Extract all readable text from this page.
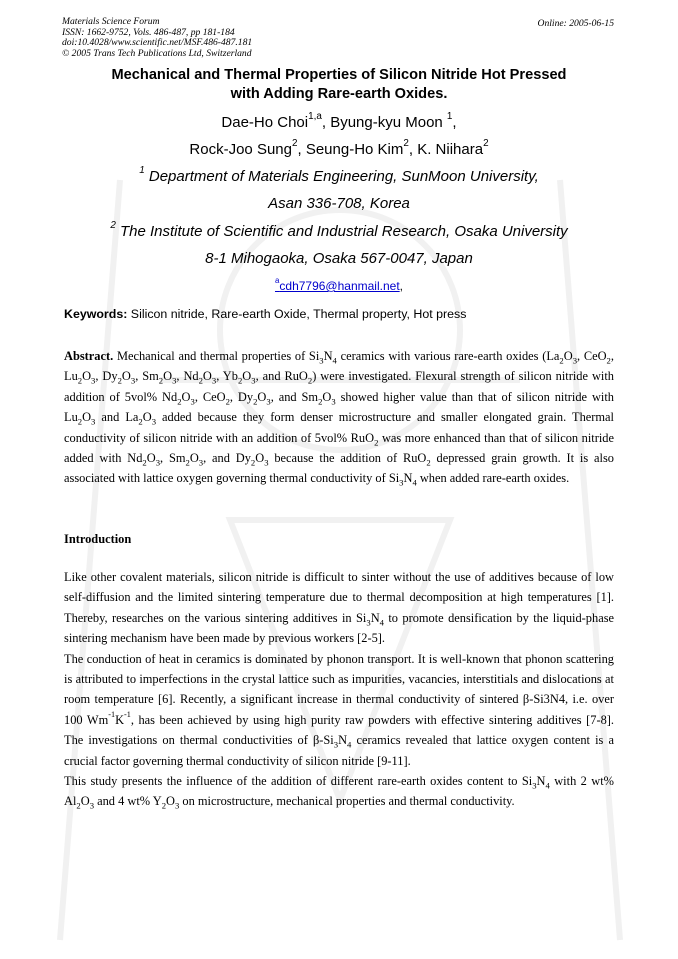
Materials Science Forum
ISSN: 1662-9752, Vols. 486-487, pp 181-184
doi:10.4028/www.scientific.net/MSF.486-487.181
© 2005 Trans Tech Publications Ltd, Switzerland
Online: 2005-06-15
Mechanical and Thermal Properties of Silicon Nitride Hot Pressed
with Adding Rare-earth Oxides.
Dae-Ho Choi$^{1,a}$, Byung-kyu Moon $^1$,
Rock-Joo Sung$^2$, Seung-Ho Kim$^2$, K. Niihara$^2$
$^1$ Department of Materials Engineering, SunMoon University,
Asan 336-708, Korea
$^2$ The Institute of Scientific and Industrial Research, Osaka University
8-1 Mihogaoka, Osaka 567-0047, Japan
$^a$cdh7796@hanmail.net,
Keywords: Silicon nitride, Rare-earth Oxide, Thermal property, Hot press
Abstract. Mechanical and thermal properties of $Si_3N_4$ ceramics with various rare-earth oxides ($La_2O_3$, CeO$_2$, $Lu_2O_3$, $Dy_2O_3$, $Sm_2O_3$, $Nd_2O_3$, $Yb_2O_3$, and RuO$_2$) were investigated. Flexural strength of silicon nitride with addition of 5vol% $Nd_2O_3$, CeO$_2$, $Dy_2O_3$, and $Sm_2O_3$ showed higher value than that of silicon nitride with $Lu_2O_3$ and $La_2O_3$ added because they form denser microstructure and smaller elongated grain. Thermal conductivity of silicon nitride with an addition of 5vol% RuO$_2$ was more enhanced than that of silicon nitride added with $Nd_2O_3$, $Sm_2O_3$, and $Dy_2O_3$ because the addition of RuO$_2$ depressed grain growth. It is also associated with lattice oxygen governing thermal conductivity of $Si_3N_4$ when added rare-earth oxides.
Introduction
Like other covalent materials, silicon nitride is difficult to sinter without the use of additives because of low self-diffusion and the limited sintering temperature due to thermal decomposition at high temperatures [1]. Thereby, researches on the various sintering additives in $Si_3N_4$ to promote densification by the liquid-phase sintering mechanism have been made by previous workers [2-5].
The conduction of heat in ceramics is dominated by phonon transport. It is well-known that phonon scattering is attributed to imperfections in the crystal lattice such as impurities, vacancies, interstitials and dislocations at room temperature [6]. Recently, a significant increase in thermal conductivity of sintered β-Si3N4, i.e. over 100 $Wm^{-1}K^{-1}$, has been achieved by using high purity raw powders with effective sintering additives [7-8]. The investigations on thermal conductivities of $\beta-Si_3N_4$ ceramics revealed that lattice oxygen content is a crucial factor governing thermal conductivity of silicon nitride [9-11].
This study presents the influence of the addition of different rare-earth oxides content to $Si_3N_4$ with 2 wt% $Al_2O_3$ and 4 wt% $Y_2O_3$ on microstructure, mechanical properties and thermal conductivity.
